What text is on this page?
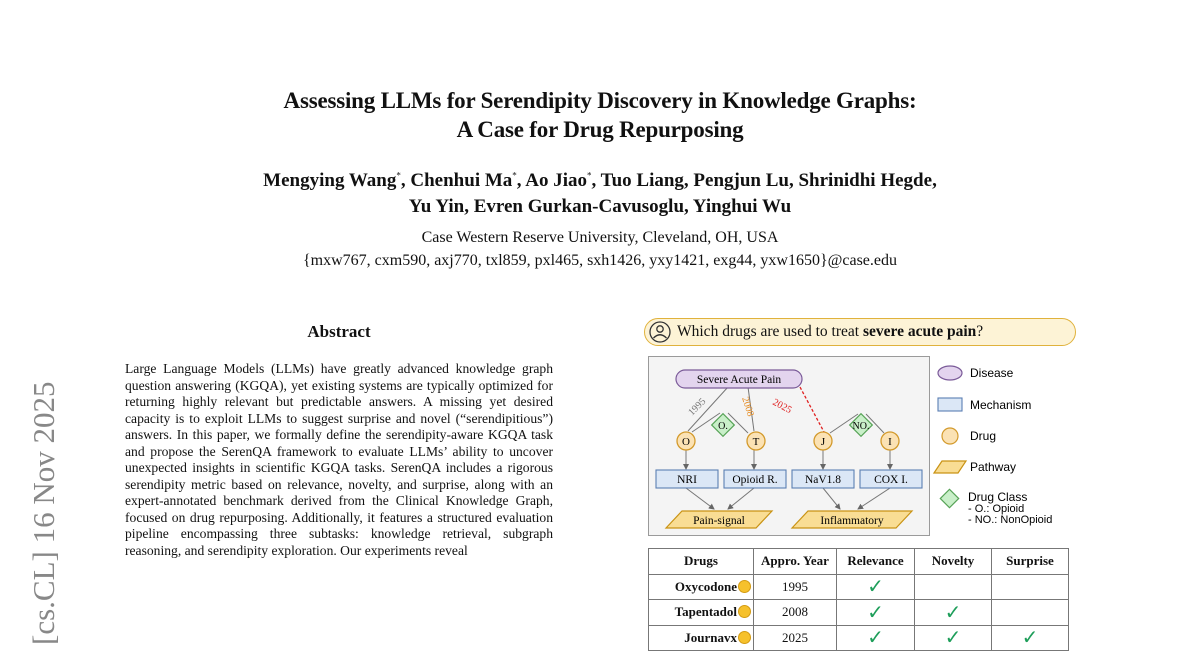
Assessing LLMs for Serendipity Discovery in Knowledge Graphs:
A Case for Drug Repurposing
Mengying Wang*, Chenhui Ma*, Ao Jiao*, Tuo Liang, Pengjun Lu, Shrinidhi Hegde,
Yu Yin, Evren Gurkan-Cavusoglu, Yinghui Wu
Case Western Reserve University, Cleveland, OH, USA
{mxw767, cxm590, axj770, txl859, pxl465, sxh1426, yxy1421, exg44, yxw1650}@case.edu
[cs.CL] 16 Nov 2025
Abstract

Large Language Models (LLMs) have greatly advanced knowledge graph question answering (KGQA), yet existing systems are typically optimized for returning highly relevant but predictable answers. A missing yet desired capacity is to exploit LLMs to suggest surprise and novel (“serendipitious”) answers. In this paper, we formally define the serendipity-aware KGQA task and propose the SerenQA framework to evaluate LLMs’ ability to uncover unexpected insights in scientific KGQA tasks. SerenQA includes a rigorous serendipity metric based on relevance, novelty, and surprise, along with an expert-annotated benchmark derived from the Clinical Knowledge Graph, focused on drug repurposing. Additionally, it features a structured evaluation pipeline encompassing three subtasks: knowledge retrieval, subgraph reasoning, and serendipity exploration. Our experiments reveal

Which drugs are used to treat severe acute pain?
1995	2008 2025
Severe Acute Pain
O.	NO.
O	T	J	I
NRI	Opioid R. NaV1.8	COX I.
Pain-signal	Inflammatory
Disease
Mechanism
Drug
Pathway
Drug Class
- O.: Opioid
- NO.: NonOpioid
Drugs	Appro. Year	Relevance	Novelty	Surprise
Oxycodone	1995	✓		
Tapentadol	2008	✓	✓	
Journavx	2025	✓	✓	✓
